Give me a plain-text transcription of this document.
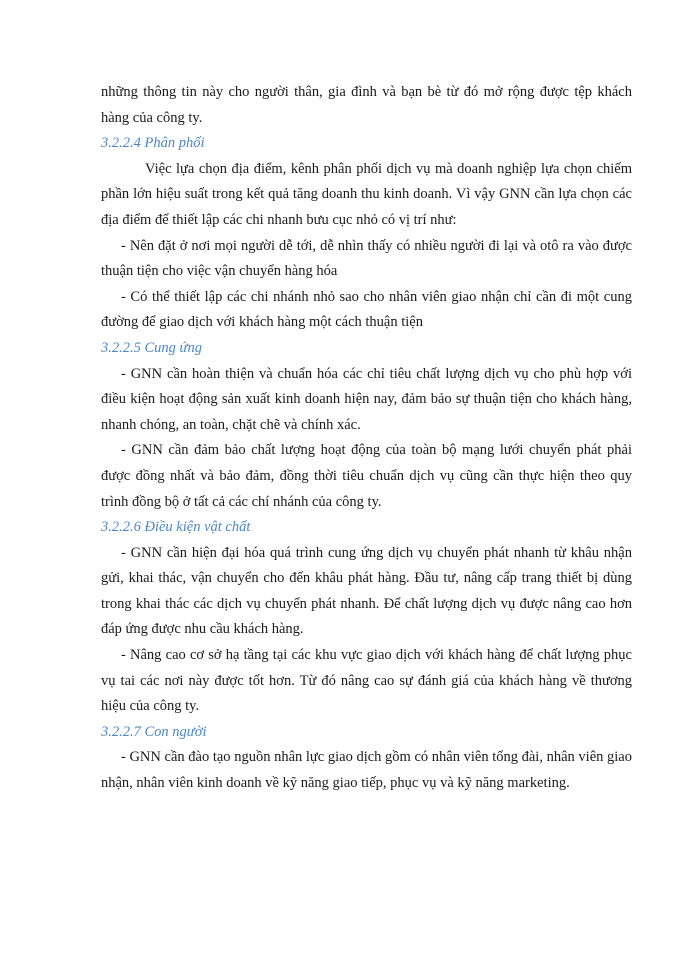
những thông tin này cho người thân, gia đình và bạn bè từ đó mở rộng được tệp khách hàng của công ty.

3.2.2.4 Phân phối

Việc lựa chọn địa điểm, kênh phân phối dịch vụ mà doanh nghiệp lựa chọn chiếm phần lớn hiệu suất trong kết quả tăng doanh thu kinh doanh. Vì vậy GNN cần lựa chọn các địa điểm để thiết lập các chi nhanh bưu cục nhỏ có vị trí như:

- Nên đặt ở nơi mọi người dễ tới, dễ nhìn thấy có nhiều người đi lại và otô ra vào được thuận tiện cho việc vận chuyển hàng hóa

- Có thể thiết lập các chi nhánh nhỏ sao cho nhân viên giao nhận chỉ cần đi một cung đường để giao dịch với khách hàng một cách thuận tiện

3.2.2.5 Cung ứng

- GNN cần hoàn thiện và chuẩn hóa các chỉ tiêu chất lượng dịch vụ cho phù hợp với điều kiện hoạt động sản xuất kinh doanh hiện nay, đảm bảo sự thuận tiện cho khách hàng, nhanh chóng, an toàn, chặt chẽ và chính xác.

- GNN cần đảm bảo chất lượng hoạt động của toàn bộ mạng lưới chuyển phát phải được đồng nhất và bảo đảm, đồng thời tiêu chuẩn dịch vụ cũng cần thực hiện theo quy trình đồng bộ ở tất cả các chí nhánh của công ty.

3.2.2.6 Điều kiện vật chất

- GNN cần hiện đại hóa quá trình cung ứng dịch vụ chuyển phát nhanh từ khâu nhận gửi, khai thác, vận chuyển cho đến khâu phát hàng. Đầu tư, nâng cấp trang thiết bị dùng trong khai thác các dịch vụ chuyển phát nhanh. Để chất lượng dịch vụ được nâng cao hơn đáp ứng được nhu cầu khách hàng.

- Nâng cao cơ sở hạ tầng tại các khu vực giao dịch với khách hàng để chất lượng phục vụ tai các nơi này được tốt hơn. Từ đó nâng cao sự đánh giá của khách hàng về thương hiệu của công ty.

3.2.2.7 Con người

- GNN cần đào tạo nguồn nhân lực giao dịch gồm có nhân viên tổng đài, nhân viên giao nhận, nhân viên kinh doanh về kỹ năng giao tiếp, phục vụ và kỹ năng marketing.
